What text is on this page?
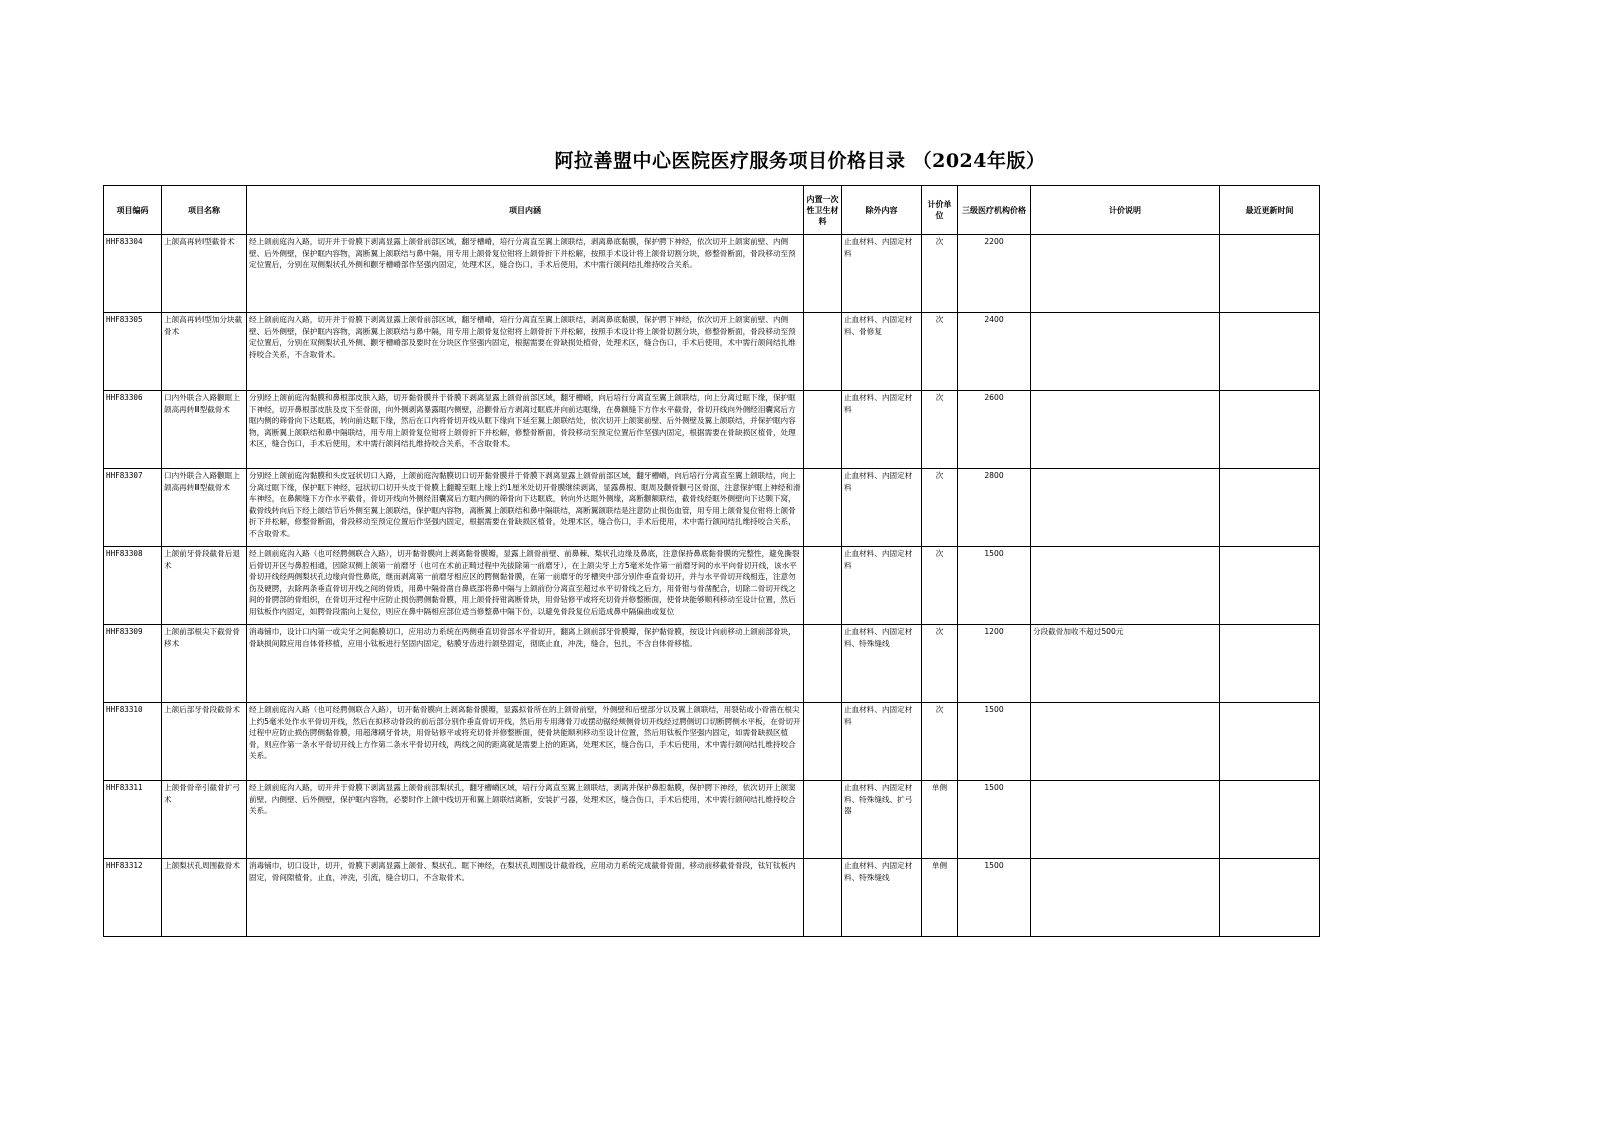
阿拉善盟中心医院医疗服务项目价格目录 （2024年版）
项目编码	项目名称	项目内涵	内置一次性卫生材料	除外内容	计价单位	三级医疗机构价格	计价说明	最近更新时间
HHF83304	上颌高再转Ⅰ型截骨术	经上颌前庭沟入路，切开并于骨膜下剥离显露上颌骨前部区域，翻牙槽嵴，培行分离直至翼上颌联结，剥离鼻底黏膜，保护腭下神经，依次切开上颌窦前壁、内侧壁、后外侧壁，保护眶内容物，离断翼上颌联结与鼻中隔，用专用上颌骨复位钳将上颌骨折下并松解，按照手术设计将上颌骨切割分块，修整骨断面，骨段移动至预定位置后，分别在双侧梨状孔外侧和颧牙槽嵴部作坚强内固定，处理术区，缝合伤口，手术后使用，术中需行颌间结扎维持咬合关系。		止血材料、内固定材料	次	2200		
HHF83305	上颌高再转Ⅰ型加分块截骨术	经上颌前庭沟入路，切开并于骨膜下剥离显露上颌骨前部区域，翻牙槽嵴，培行分离直至翼上颌联结，剥离鼻底黏膜，保护腭下神经，依次切开上颌窦前壁、内侧壁、后外侧壁，保护眶内容物，离断翼上颌联结与鼻中隔，用专用上颌骨复位钳将上颌骨折下并松解，按照手术设计将上颌骨切割分块，修整骨断面，骨段移动至预定位置后，分别在双侧梨状孔外侧、颧牙槽嵴部及要时在分块区作坚强内固定，根据需要在骨缺损处植骨，处理术区，缝合伤口，手术后使用，术中需行颌间结扎维持咬合关系，不含取骨术。		止血材料、内固定材料、骨修复	次	2400		
HHF83306	口内外联合入路颧眶上颌高再转Ⅲ型截骨术	分别经上颌前庭沟黏膜和鼻根部皮肤入路，切开黏骨膜并于骨膜下剥离显露上颌骨前部区域，翻牙槽嵴，向后培行分离直至翼上颌联结，向上分离过眶下缘，保护眶下神经，切开鼻根部皮肤及皮下至骨面，向外侧剥离暴露眶内侧壁，沿颧骨后方剥离过眶底并向前达眶缘，在鼻额缝下方作水平截骨，骨切开线向外侧经泪囊窝后方眶内侧的筛骨向下达眶底，转向前达眶下缘，然后在口内将骨切开线从眶下缘向下延至翼上颌联结处，依次切开上颌窦前壁、后外侧壁及翼上颌联结，并保护眶内容物，离断翼上颌联结和鼻中隔联结，用专用上颌骨复位钳将上颌骨折下并松解，修整骨断面，骨段移动至预定位置后作坚强内固定，根据需要在骨缺损区植骨，处理术区，缝合伤口，手术后使用，术中需行颌间结扎维持咬合关系，不含取骨术。		止血材料、内固定材料	次	2600		
HHF83307	口内外联合入路颧眶上颌高再转Ⅲ型截骨术	分别经上颌前庭沟黏膜和头皮冠状切口入路，上颌前庭沟黏膜切口切开黏骨膜并于骨膜下剥离显露上颌骨前部区域，翻牙槽嵴，向后培行分离直至翼上颌联结，向上分离过眶下缘，保护眶下神经，冠状切口切开头皮于骨膜上翻瓣至眶上缘上约1厘米处切开骨膜继续剥离，显露鼻根、眶周及颧骨颧弓区骨面，注意保护眶上神经和滑车神经，在鼻额缝下方作水平截骨，骨切开线向外侧经泪囊窝后方眶内侧的筛骨向下达眶底，转向外达眶外侧缘，离断颧额联结，截骨线经眶外侧壁向下达颞下窝，截骨线转向后下经上颌结节后外侧至翼上颌联结，保护眶内容物，离断翼上颌联结和鼻中隔联结，离断翼颌联结是注意防止损伤血管，用专用上颌骨复位钳将上颌骨折下并松解，修整骨断面，骨段移动至预定位置后作坚强内固定，根据需要在骨缺损区植骨，处理术区，缝合伤口，手术后使用，术中需行颌间结扎维持咬合关系，不含取骨术。		止血材料、内固定材料	次	2800		
HHF83308	上颌前牙骨段截骨后退术	经上颌前庭沟入路（也可经腭侧联合入路），切开黏骨膜向上剥离黏骨膜瓣，显露上颌骨前壁、前鼻棘、梨状孔边缘及鼻底，注意保持鼻底黏骨膜的完整性，避免撕裂后骨切开区与鼻腔相通，因除双侧上颌第一前磨牙（也可在术前正畸过程中先拔除第一前磨牙），在上颌尖牙上方5毫米处作第一前磨牙间的水平向骨切开线，该水平骨切开线经两侧梨状孔边缘向骨性鼻底，继而剥离第一前磨牙相应区的腭侧黏骨膜，在第一前磨牙的牙槽突中部分别作垂直骨切开，并与水平骨切开线相连，注意勿伤及硬腭，去除两条垂直骨切开线之间的骨质，用鼻中隔骨凿自鼻底部将鼻中隔与上颌前份分离直至超过水平切骨线之后方，用骨钳与骨凿配合，切除二骨切开线之间的骨腭部的骨组织，在骨切开过程中应防止损伤腭侧黏骨膜，用上颌骨持钳离断骨块，用骨钻修平或将充切骨并修整断面，使骨块能够顺利移动至设计位置，然后用钛板作内固定，如腭骨段需向上复位，则应在鼻中隔相应部位适当修整鼻中隔下份，以避免骨段复位后造成鼻中隔偏曲或复位		止血材料、内固定材料	次	1500		
HHF83309	上颌前部根尖下截骨骨移术	消毒铺巾，设计口内第一或尖牙之间黏膜切口，应用动力系统在两侧垂直切骨部水平骨切开，翻离上颌前部牙骨膜瓣，保护黏骨膜，按设计向前移动上颌前部骨块，骨缺损间隙应用自体骨移植，应用小钛板进行坚固内固定，粘膜牙齿进行颌垫固定，彻底止血，冲洗，缝合，包扎，不含自体骨移植。		止血材料、内固定材料、特殊缝线	次	1200	分段截骨加收不超过500元	
HHF83310	上颌后部牙骨段截骨术	经上颌前庭沟入路（也可经腭侧联合入路），切开黏骨膜向上剥离黏骨膜瓣，显露拟骨所在的上颌骨前壁，外侧壁和后壁部分以及翼上颌联结，用裂钻或小骨凿在根尖上约5毫米处作水平骨切开线，然后在拟移动骨段的前后部分别作垂直骨切开线，然后用专用薄骨刀或摆动锯经颊侧骨切开线经过腭侧切口切断腭侧水平板，在骨切开过程中应防止损伤腭侧黏骨膜，用超薄刷牙骨块，用骨钻修平或将充切骨并修整断面，使骨块能顺利移动至设计位置，然后用钛板作坚强内固定，如需骨缺损区植骨，则应作第一条水平骨切开线上方作第二条水平骨切开线，两线之间的距离就是需要上抬的距离，处理术区，缝合伤口，手术后使用，术中需行颌间结扎维持咬合关系。		止血材料、内固定材料	次	1500		
HHF83311	上颌骨骨牵引截骨扩弓术	经上颌前庭沟入路，切开并于骨膜下剥离显露上颌骨前部梨状孔，翻牙槽嵴区域，培行分离直至翼上颌联结，剥离并保护鼻腔黏膜，保护腭下神经，依次切开上颌窦前壁、内侧壁、后外侧壁，保护眶内容物，必要时作上颌中线切开和翼上颌联结离断，安装扩弓器，处理术区，缝合伤口，手术后使用，术中需行颌间结扎维持咬合关系。		止血材料、内固定材料、特殊缝线、扩弓器	单侧	1500		
HHF83312	上颌梨状孔周围截骨术	消毒铺巾，切口设计，切开，骨膜下剥离显露上颌骨、梨状孔、眶下神经，在梨状孔周围设计截骨线，应用动力系统完成截骨骨面，移动前移截骨骨段，钛钉钛板内固定，骨间隙植骨，止血，冲洗，引流，缝合切口，不含取骨术。		止血材料、内固定材料、特殊缝线	单侧	1500		
